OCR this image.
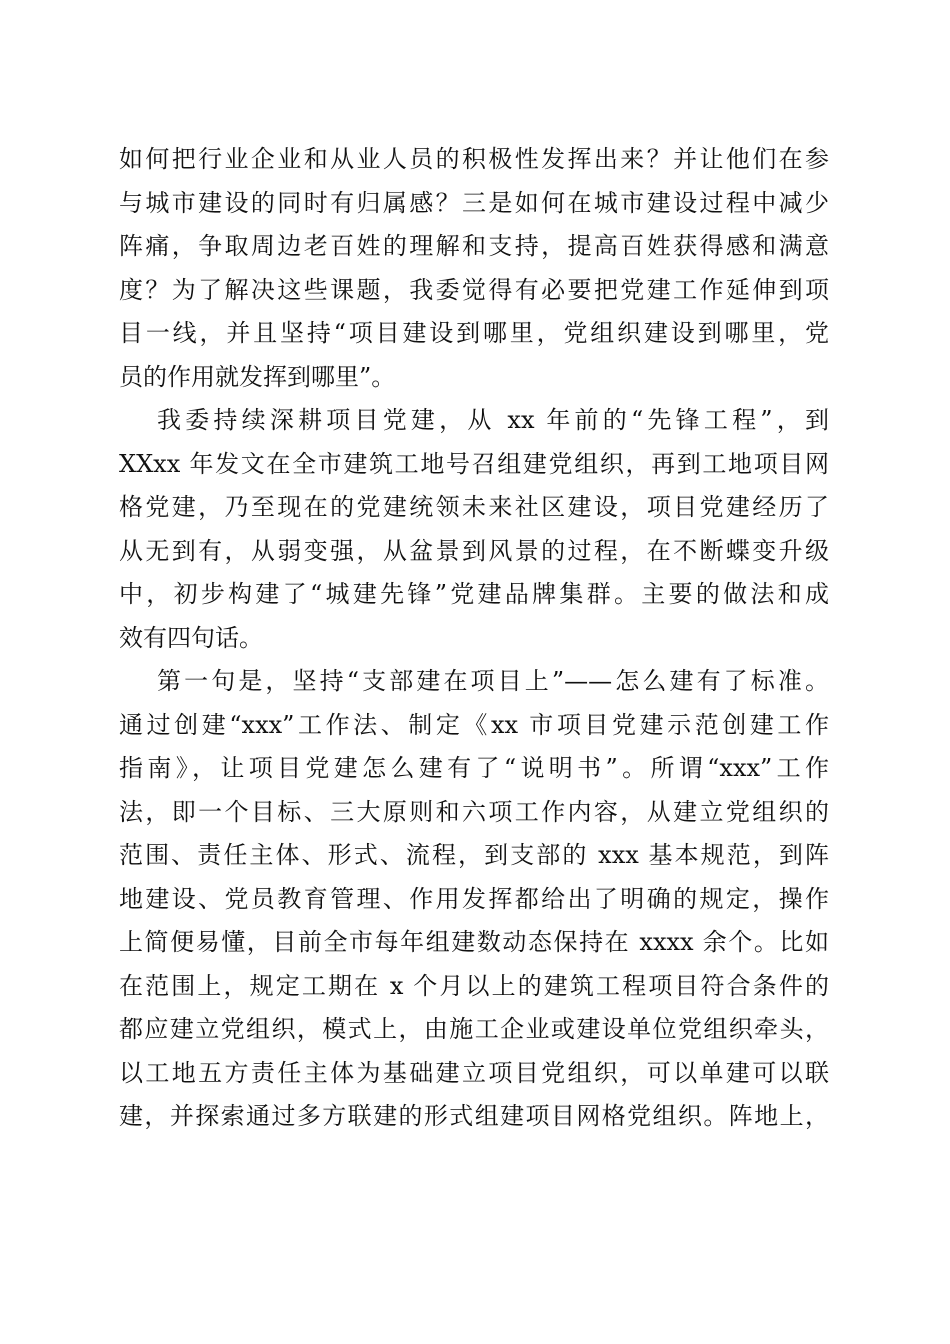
如何把行业企业和从业人员的积极性发挥出来？并让他们在参
与城市建设的同时有归属感？三是如何在城市建设过程中减少
阵痛，争取周边老百姓的理解和支持，提高百姓获得感和满意
度？为了解决这些课题，我委觉得有必要把党建工作延伸到项
目一线，并且坚持“项目建设到哪里，党组织建设到哪里，党
员的作用就发挥到哪里”。
我委持续深耕项目党建，从 xx 年前的“先锋工程”，到
XXxx 年发文在全市建筑工地号召组建党组织，再到工地项目网
格党建，乃至现在的党建统领未来社区建设，项目党建经历了
从无到有，从弱变强，从盆景到风景的过程，在不断蝶变升级
中，初步构建了“城建先锋”党建品牌集群。主要的做法和成
效有四句话。
第一句是，坚持“支部建在项目上”——怎么建有了标准。
通过创建“xxx”工作法、制定《xx 市项目党建示范创建工作
指南》，让项目党建怎么建有了“说明书”。所谓“xxx”工作
法，即一个目标、三大原则和六项工作内容，从建立党组织的
范围、责任主体、形式、流程，到支部的 xxx 基本规范，到阵
地建设、党员教育管理、作用发挥都给出了明确的规定，操作
上简便易懂，目前全市每年组建数动态保持在 xxxx 余个。比如
在范围上，规定工期在 x 个月以上的建筑工程项目符合条件的
都应建立党组织，模式上，由施工企业或建设单位党组织牵头，
以工地五方责任主体为基础建立项目党组织，可以单建可以联
建，并探索通过多方联建的形式组建项目网格党组织。阵地上，
